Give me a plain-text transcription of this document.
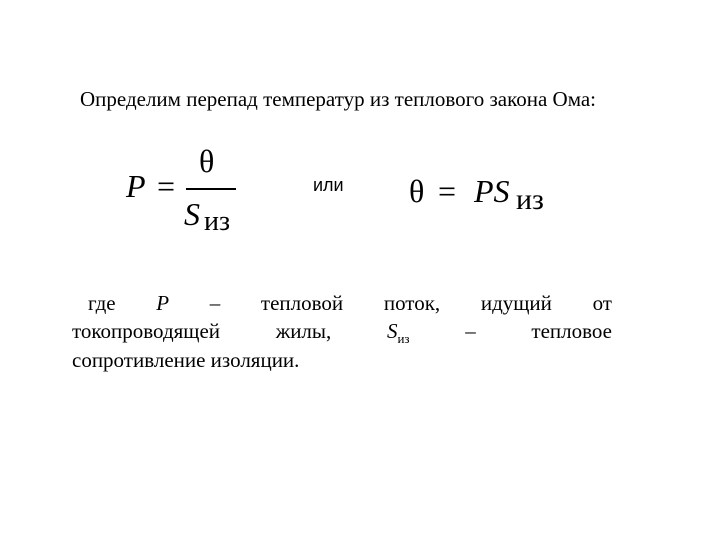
Определим перепад температур из теплового закона Ома:
P =
θ
S из
или θ = PS из
где P – тепловой поток, идущий от
токопроводящей	жилы,	$S_{из}$	–	тепловое
сопротивление изоляции.
